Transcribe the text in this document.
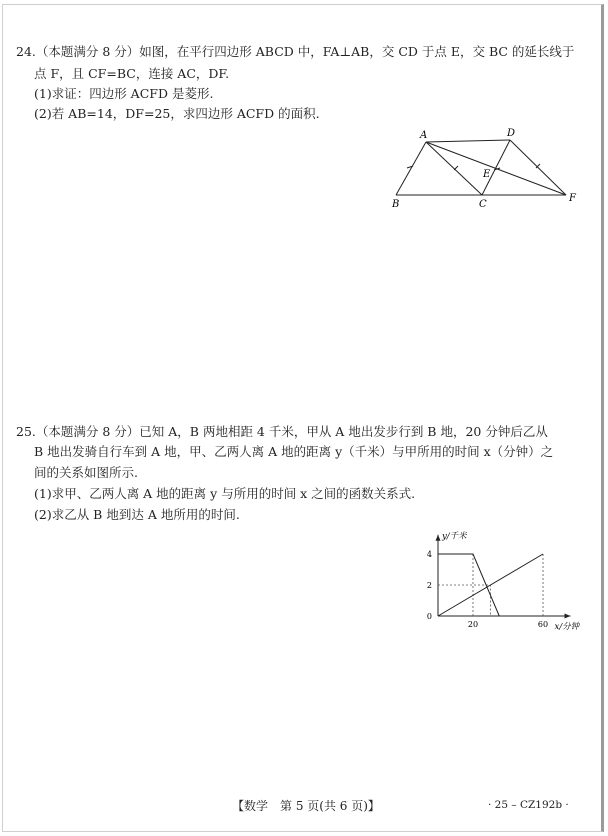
24.（本题满分 8 分）如图，在平行四边形 ABCD 中，FA⊥AB，交 CD 于点 E，交 BC 的延长线于
点 F，且 CF=BC，连接 AC，DF.
(1)求证：四边形 ACFD 是菱形.
(2)若 AB=14，DF=25，求四边形 ACFD 的面积.
A	D
E
B	C
F
25.（本题满分 8 分）已知 A，B 两地相距 4 千米，甲从 A 地出发步行到 B 地，20 分钟后乙从
B 地出发骑自行车到 A 地，甲、乙两人离 A 地的距离 y（千米）与甲所用的时间 x（分钟）之
间的关系如图所示.
(1)求甲、乙两人离 A 地的距离 y 与所用的时间 x 之间的函数关系式.
(2)求乙从 B 地到达 A 地所用的时间.
20	60
2
4
0
x/分钟
y/千米
【数学　第 5 页(共 6 页)】	· 25 – CZ192b ·
